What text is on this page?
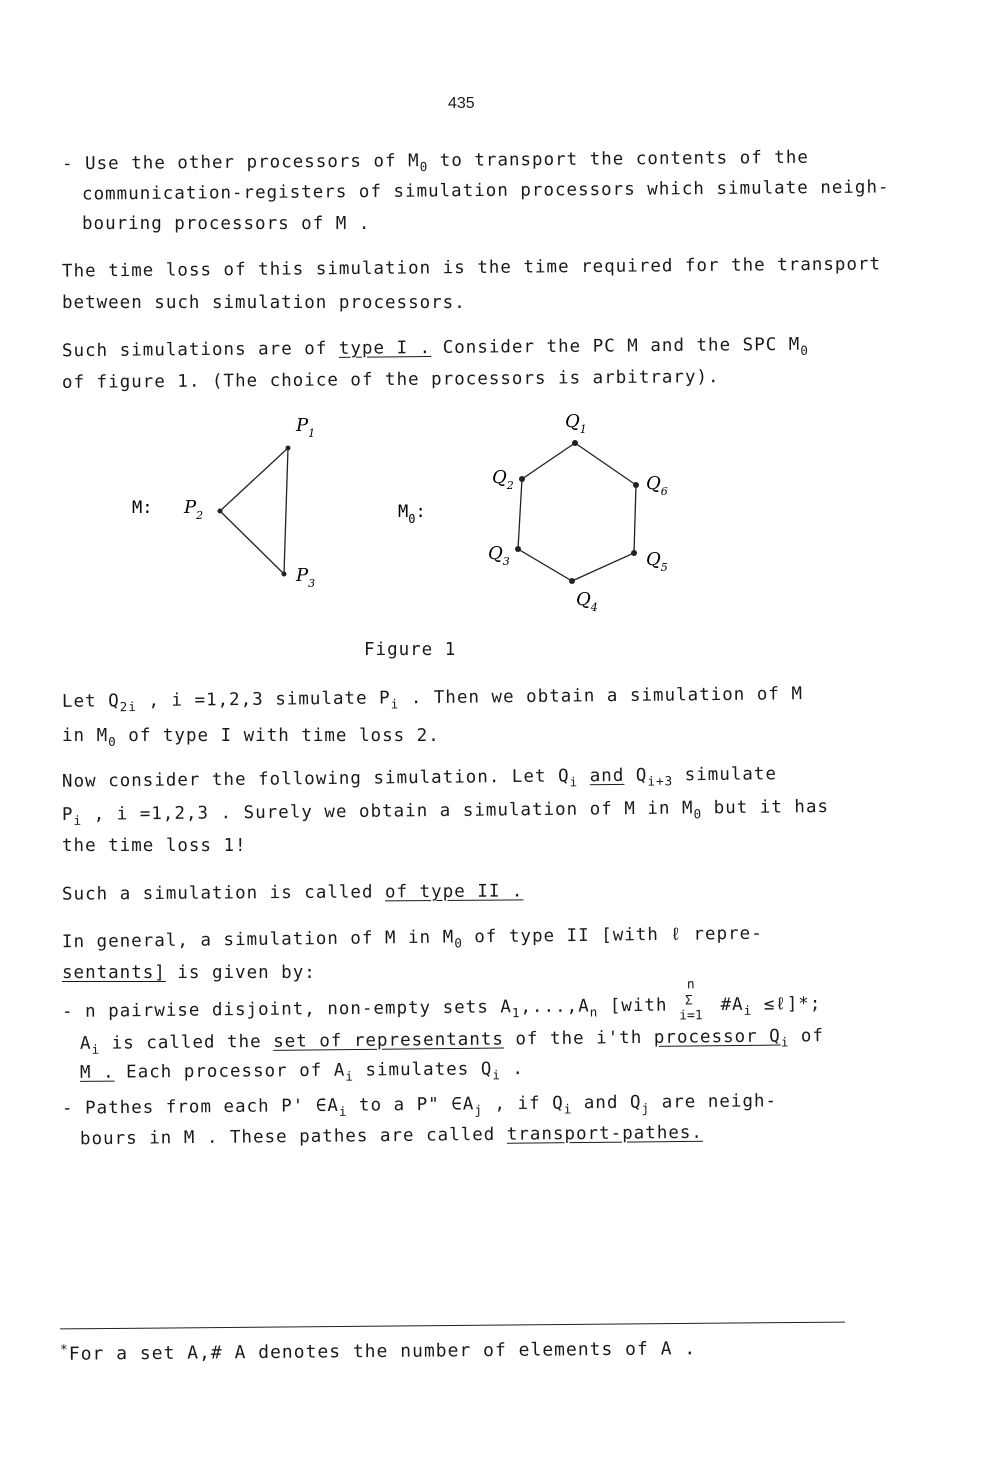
435
- Use the other processors of $M_0$ to transport the contents of the
communication-registers of simulation processors which simulate neigh-
bouring processors of M .
The time loss of this simulation is the time required for the transport
between such simulation processors.
Such simulations are of type I . Consider the PC M and the SPC $M_0$
of figure 1. (The choice of the processors is arbitrary).
M:
$P_1$
$P_2$
$P_3$
$M_0$:
$Q_1$
$Q_2$
$Q_3$
$Q_4$
$Q_5$
$Q_6$
Figure 1
Let $Q_{2i}$ , i =1,2,3 simulate $P_i$ . Then we obtain a simulation of M
in $M_0$ of type I with time loss 2.
Now consider the following simulation. Let $Q_i$ and $Q_{i+3}$ simulate
$P_i$ , i =1,2,3 . Surely we obtain a simulation of M in $M_0$ but it has
the time loss 1!
Such a simulation is called of type II .
In general, a simulation of M in $M_0$ of type II [with ℓ repre-
sentants] is given by:
- n pairwise disjoint, non-empty sets $A_1,...,A_n$ [with
n
Σ
i=1
$\#A_i$ ≤ℓ]*;
$A_i$ is called the set of representants of the i'th processor $Q_i$ of
M . Each processor of $A_i$ simulates $Q_i$ .
- Pathes from each P' $\in A_i$ to a P" $\in A_j$ , if $Q_i$ and $Q_j$ are neigh-
bours in M . These pathes are called transport-pathes.
*For a set A,# A denotes the number of elements of A .
